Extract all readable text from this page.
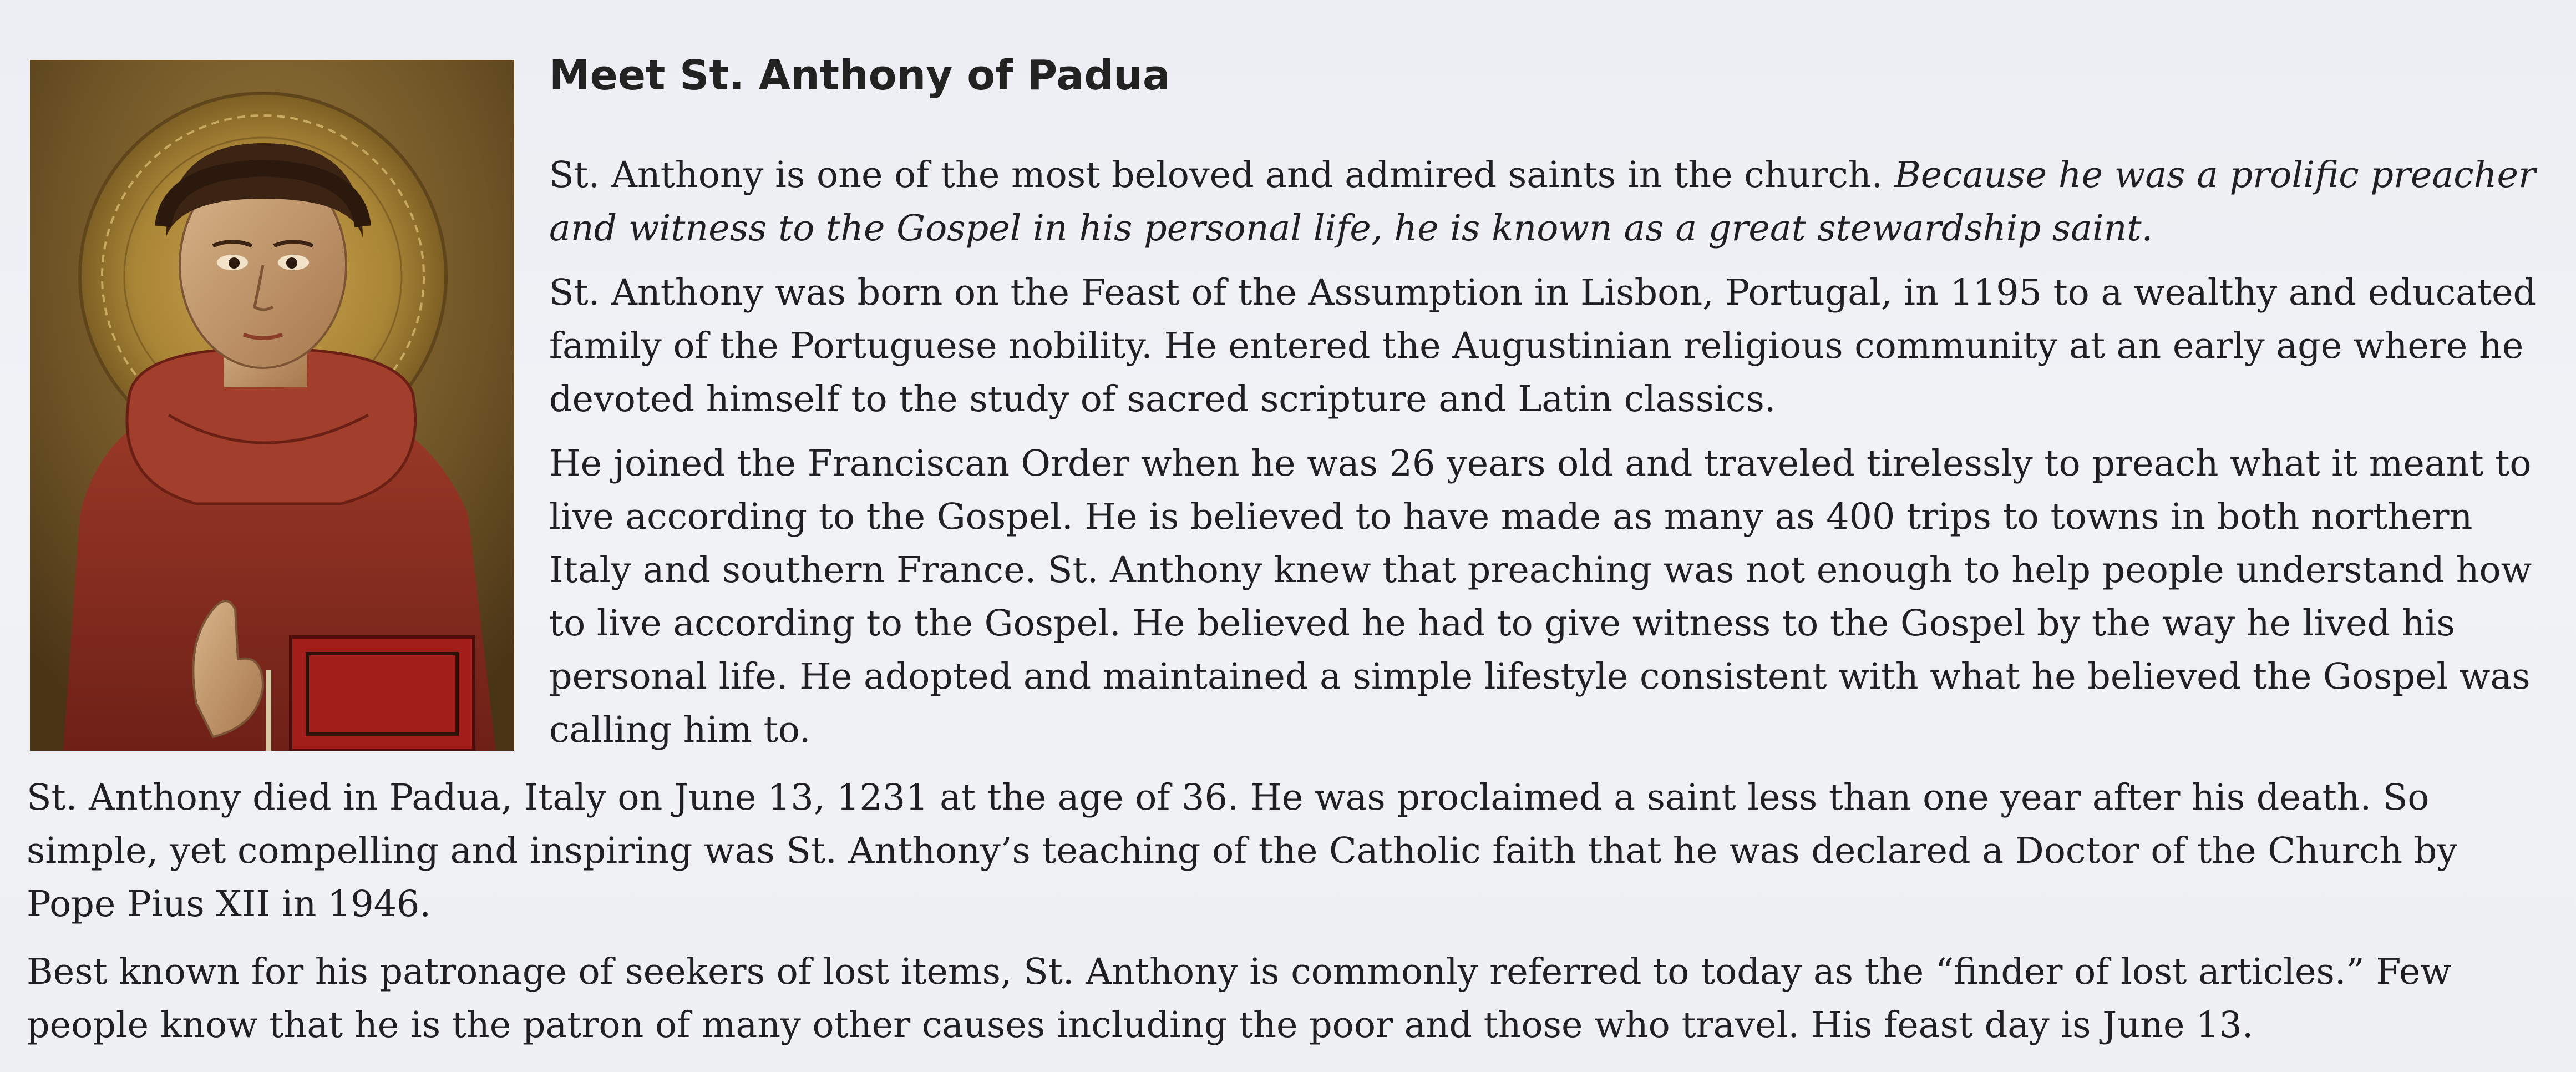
Meet St. Anthony of Padua

St. Anthony is one of the most beloved and admired saints in the church. Because he was a prolific preacher and witness to the Gospel in his personal life, he is known as a great stewardship saint.

St. Anthony was born on the Feast of the Assumption in Lisbon, Portugal, in 1195 to a wealthy and educated family of the Portuguese nobility. He entered the Augustinian religious community at an early age where he devoted himself to the study of sacred scripture and Latin classics.

He joined the Franciscan Order when he was 26 years old and traveled tirelessly to preach what it meant to live according to the Gospel. He is believed to have made as many as 400 trips to towns in both northern Italy and southern France. St. Anthony knew that preaching was not enough to help people understand how to live according to the Gospel. He believed he had to give witness to the Gospel by the way he lived his personal life. He adopted and maintained a simple lifestyle consistent with what he believed the Gospel was calling him to.

St. Anthony died in Padua, Italy on June 13, 1231 at the age of 36. He was proclaimed a saint less than one year after his death. So simple, yet compelling and inspiring was St. Anthony’s teaching of the Catholic faith that he was declared a Doctor of the Church by Pope Pius XII in 1946.

Best known for his patronage of seekers of lost items, St. Anthony is commonly referred to today as the “finder of lost articles.” Few people know that he is the patron of many other causes including the poor and those who travel. His feast day is June 13.
